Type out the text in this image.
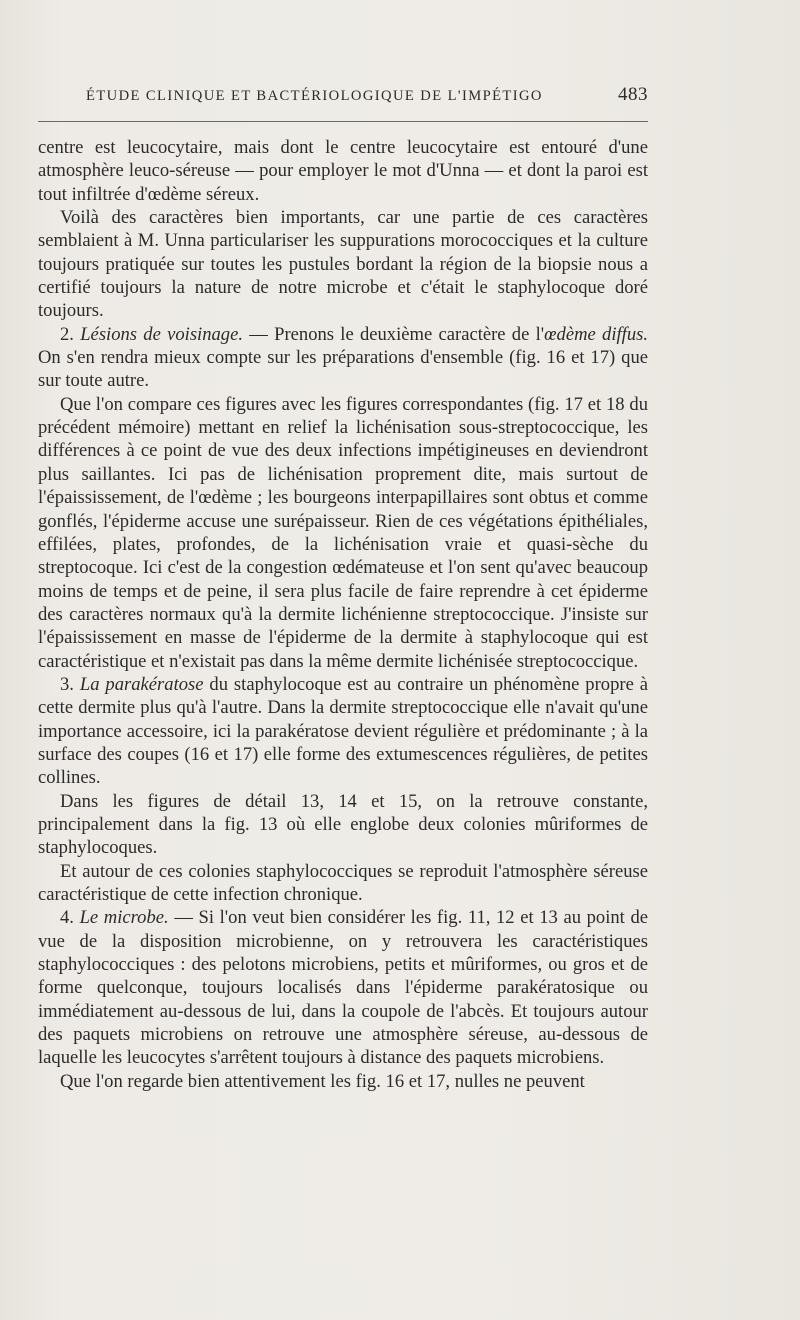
ÉTUDE CLINIQUE ET BACTÉRIOLOGIQUE DE L'IMPÉTIGO	483

centre est leucocytaire, mais dont le centre leucocytaire est entouré d'une atmosphère leuco-séreuse — pour employer le mot d'Unna — et dont la paroi est tout infiltrée d'œdème séreux.

Voilà des caractères bien importants, car une partie de ces caractères semblaient à M. Unna particulariser les suppurations morococciques et la culture toujours pratiquée sur toutes les pustules bordant la région de la biopsie nous a certifié toujours la nature de notre microbe et c'était le staphylocoque doré toujours.

2. Lésions de voisinage. — Prenons le deuxième caractère de l'œdème diffus. On s'en rendra mieux compte sur les préparations d'ensemble (fig. 16 et 17) que sur toute autre.

Que l'on compare ces figures avec les figures correspondantes (fig. 17 et 18 du précédent mémoire) mettant en relief la lichénisation sous-streptococcique, les différences à ce point de vue des deux infections impétigineuses en deviendront plus saillantes. Ici pas de lichénisation proprement dite, mais surtout de l'épaississement, de l'œdème ; les bourgeons interpapillaires sont obtus et comme gonflés, l'épiderme accuse une surépaisseur. Rien de ces végétations épithéliales, effilées, plates, profondes, de la lichénisation vraie et quasi-sèche du streptocoque. Ici c'est de la congestion œdémateuse et l'on sent qu'avec beaucoup moins de temps et de peine, il sera plus facile de faire reprendre à cet épiderme des caractères normaux qu'à la dermite lichénienne streptococcique. J'insiste sur l'épaississement en masse de l'épiderme de la dermite à staphylocoque qui est caractéristique et n'existait pas dans la même dermite lichénisée streptococcique.

3. La parakératose du staphylocoque est au contraire un phénomène propre à cette dermite plus qu'à l'autre. Dans la dermite streptococcique elle n'avait qu'une importance accessoire, ici la parakératose devient régulière et prédominante ; à la surface des coupes (16 et 17) elle forme des extumescences régulières, de petites collines.

Dans les figures de détail 13, 14 et 15, on la retrouve constante, principalement dans la fig. 13 où elle englobe deux colonies mûriformes de staphylocoques.

Et autour de ces colonies staphylococciques se reproduit l'atmosphère séreuse caractéristique de cette infection chronique.

4. Le microbe. — Si l'on veut bien considérer les fig. 11, 12 et 13 au point de vue de la disposition microbienne, on y retrouvera les caractéristiques staphylococciques : des pelotons microbiens, petits et mûriformes, ou gros et de forme quelconque, toujours localisés dans l'épiderme parakératosique ou immédiatement au-dessous de lui, dans la coupole de l'abcès. Et toujours autour des paquets microbiens on retrouve une atmosphère séreuse, au-dessous de laquelle les leucocytes s'arrêtent toujours à distance des paquets microbiens.

Que l'on regarde bien attentivement les fig. 16 et 17, nulles ne peuvent
